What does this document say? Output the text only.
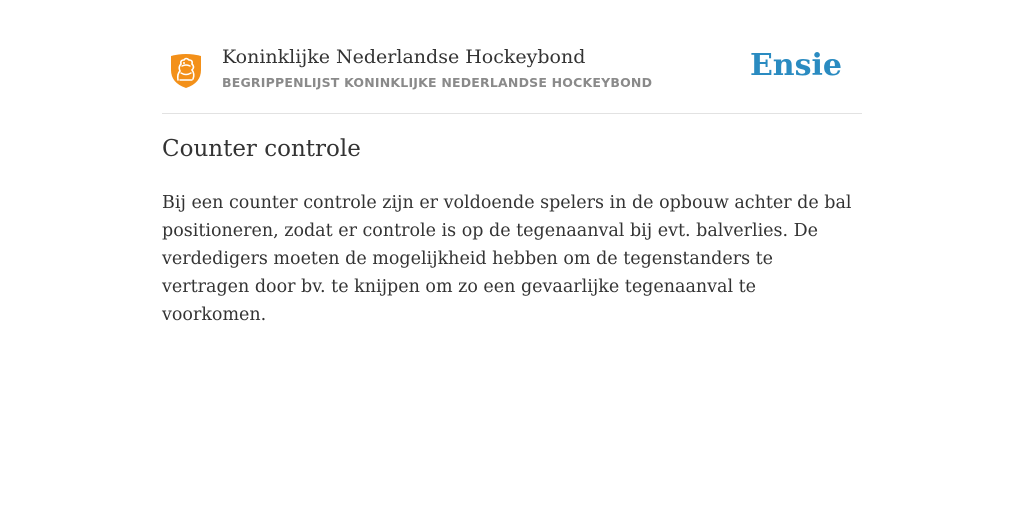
Koninklijke Nederlandse Hockeybond
BEGRIPPENLIJST KONINKLIJKE NEDERLANDSE HOCKEYBOND	Ensie
Counter controle

Bij een counter controle zijn er voldoende spelers in de opbouw achter de bal positioneren, zodat er controle is op de tegenaanval bij evt. balverlies. De verdedigers moeten de mogelijkheid hebben om de tegenstanders te vertragen door bv. te knijpen om zo een gevaarlijke tegenaanval te voorkomen.
